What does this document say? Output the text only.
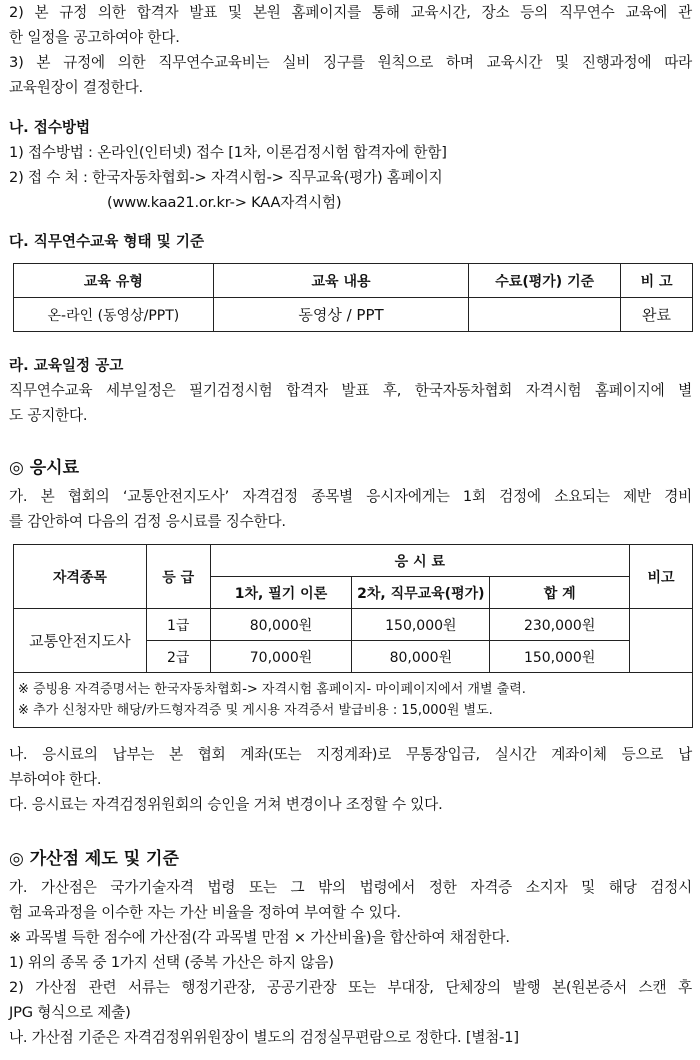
2) 본 규정 의한 합격자 발표 및 본원 홈페이지를 통해 교육시간, 장소 등의 직무연수 교육에 관

한 일정을 공고하여야 한다.

3) 본 규정에 의한 직무연수교육비는 실비 징구를 원칙으로 하며 교육시간 및 진행과정에 따라

교육원장이 결정한다.

나. 접수방법

1) 접수방법 : 온라인(인터넷) 접수 [1차, 이론검정시험 합격자에 한함]

2) 접 수 처 : 한국자동차협회-> 자격시험-> 직무교육(평가) 홈페이지

(www.kaa21.or.kr-> KAA자격시험)

다. 직무연수교육 형태 및 기준

교육 유형	교육 내용	수료(평가) 기준	비 고
온-라인 (동영상/PPT)	동영상 / PPT		완료

라. 교육일정 공고

직무연수교육 세부일정은 필기검정시험 합격자 발표 후, 한국자동차협회 자격시험 홈페이지에 별

도 공지한다.

◎ 응시료

가. 본 협회의 ‘교통안전지도사’ 자격검정 종목별 응시자에게는 1회 검정에 소요되는 제반 경비

를 감안하여 다음의 검정 응시료를 징수한다.

자격종목	등 급	응 시 료			비고
		1차, 필기 이론	2차, 직무교육(평가)	합 계	
교통안전지도사	1급	80,000원	150,000원	230,000원	
	2급	70,000원	80,000원	150,000원	

※ 증빙용 자격증명서는 한국자동차협회-> 자격시험 홈페이지- 마이페이지에서 개별 출력.
※ 추가 신청자만 해당/카드형자격증 및 게시용 자격증서 발급비용 : 15,000원 별도.					

나. 응시료의 납부는 본 협회 계좌(또는 지정계좌)로 무통장입금, 실시간 계좌이체 등으로 납

부하여야 한다.

다. 응시료는 자격검정위원회의 승인을 거쳐 변경이나 조정할 수 있다.

◎ 가산점 제도 및 기준

가. 가산점은 국가기술자격 법령 또는 그 밖의 법령에서 정한 자격증 소지자 및 해당 검정시

험 교육과정을 이수한 자는 가산 비율을 정하여 부여할 수 있다.

※ 과목별 득한 점수에 가산점(각 과목별 만점 × 가산비율)을 합산하여 채점한다.

1) 위의 종목 중 1가지 선택 (중복 가산은 하지 않음)

2) 가산점 관련 서류는 행정기관장, 공공기관장 또는 부대장, 단체장의 발행 본(원본증서 스캔 후

JPG 형식으로 제출)

나. 가산점 기준은 자격검정위위원장이 별도의 검정실무편람으로 정한다. [별첨-1]
